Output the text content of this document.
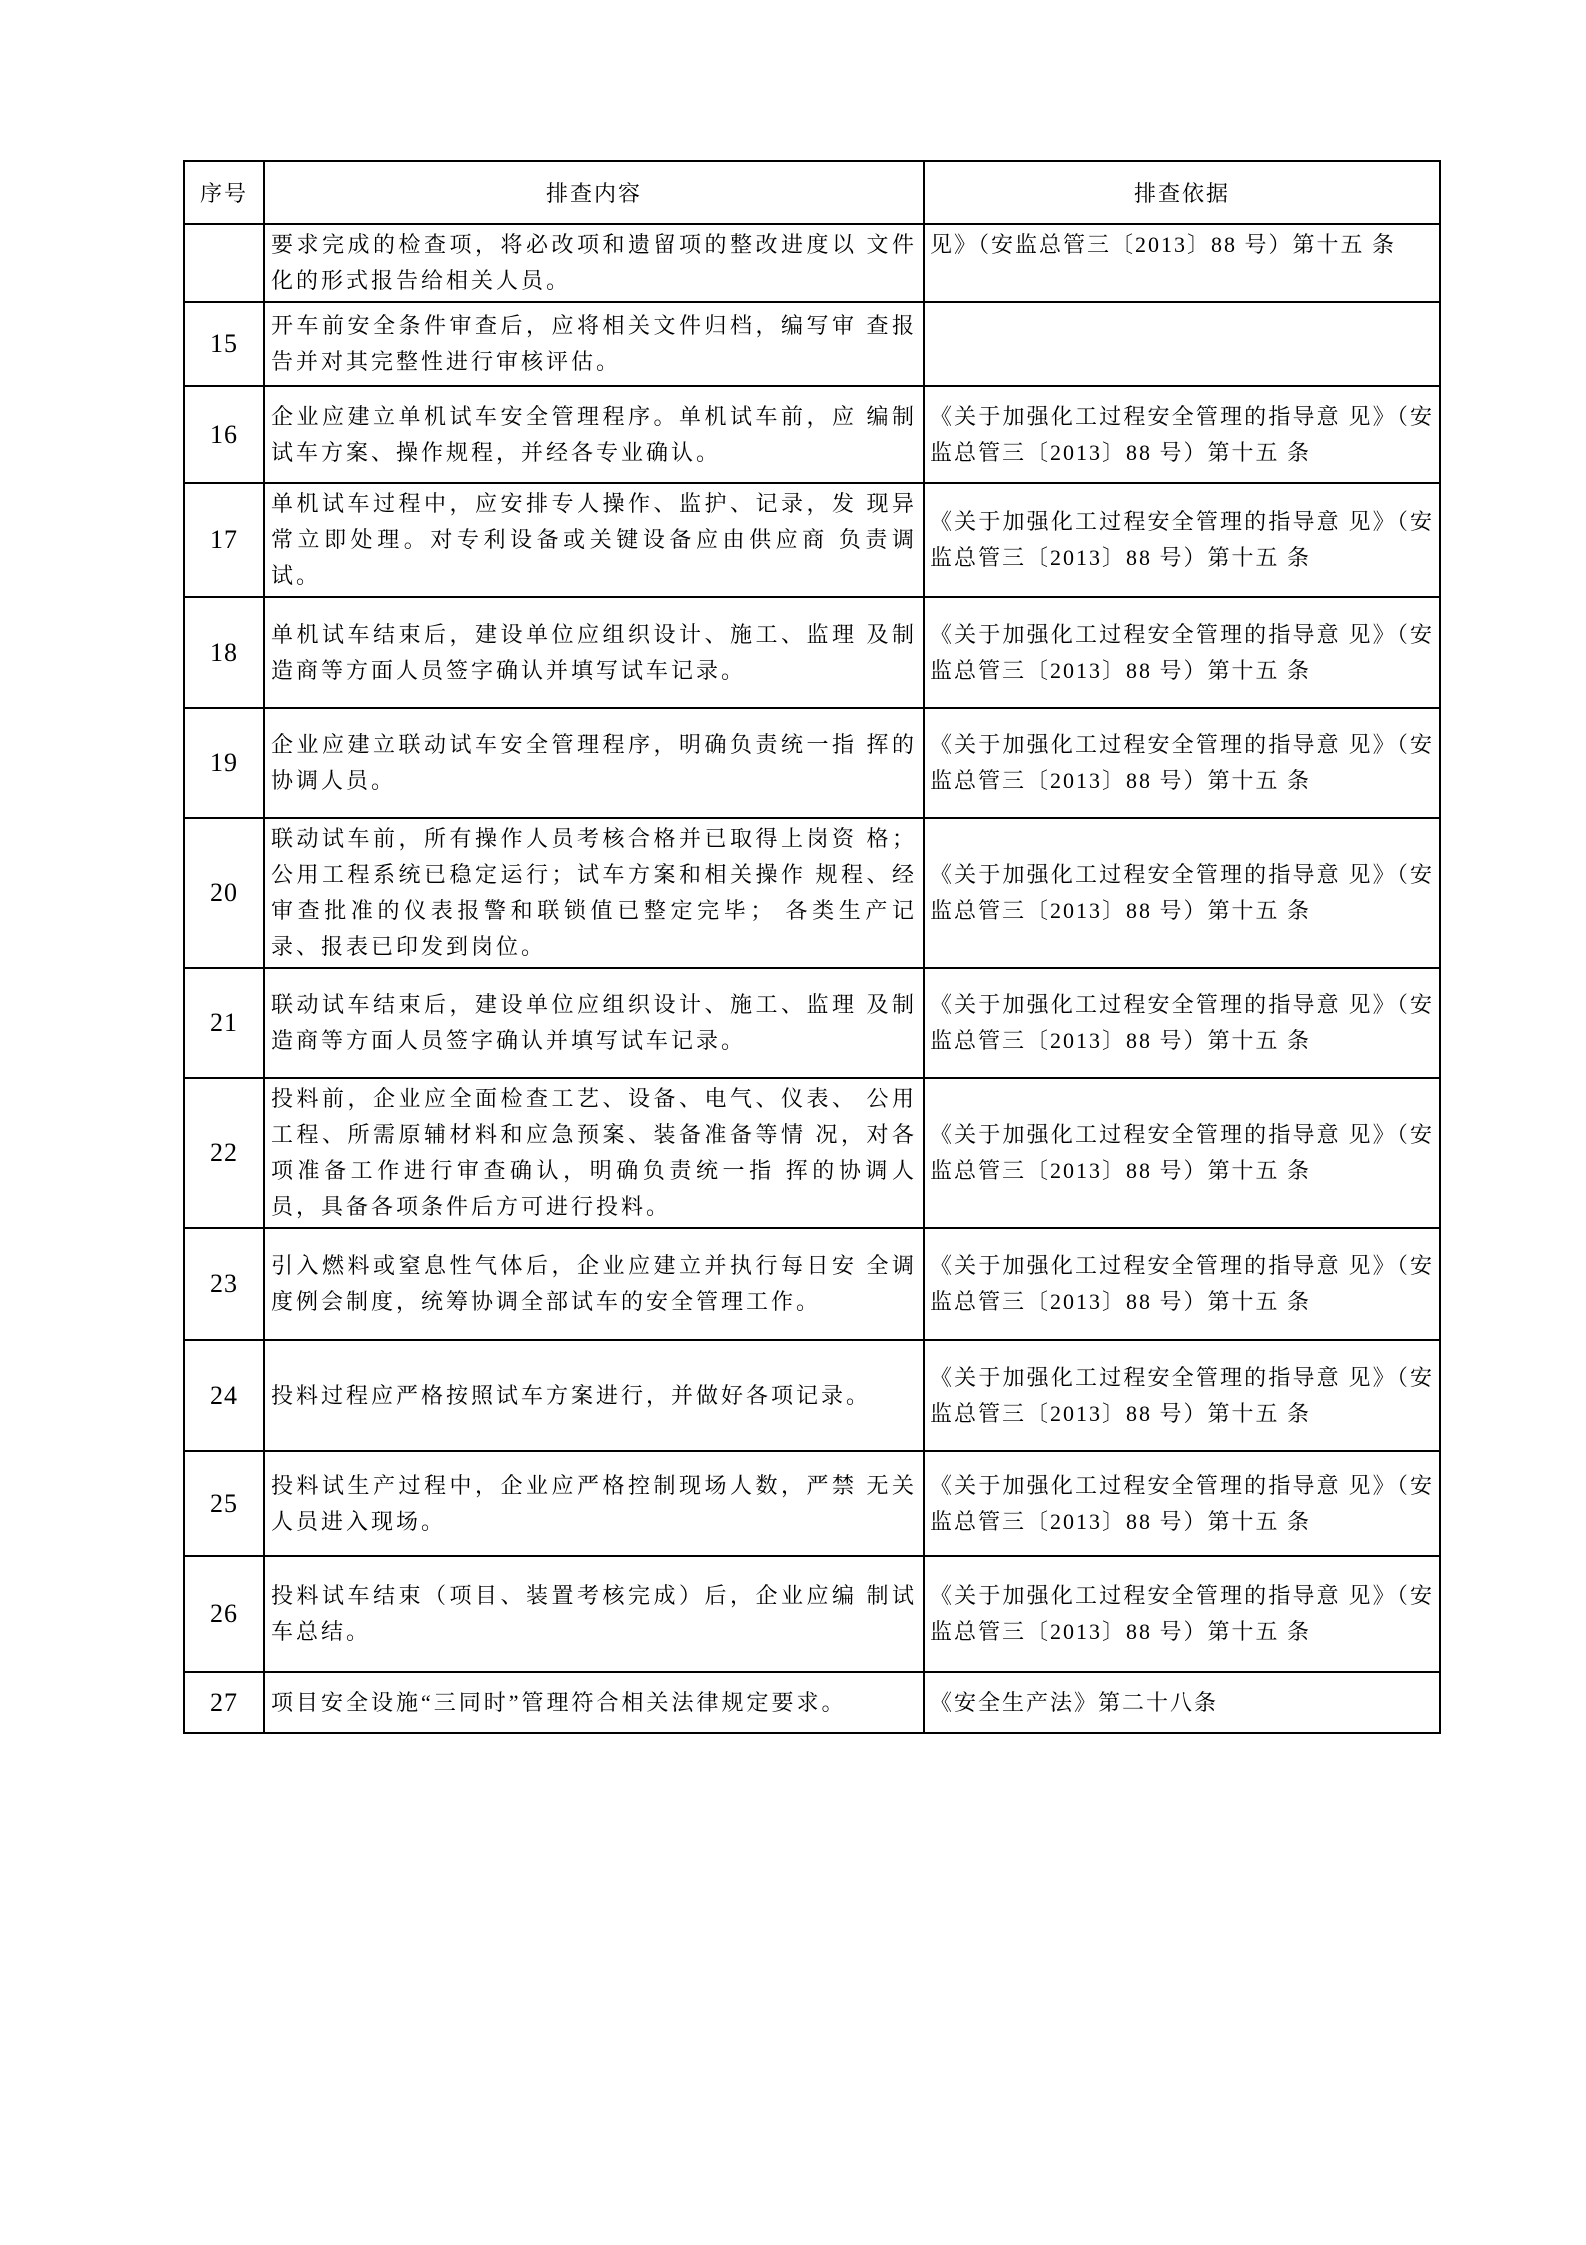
序号	排查内容	排查依据
	要求完成的检查项，将必改项和遗留项的整改进度以 文件化的形式报告给相关人员。	见》（安监总管三〔2013〕88 号）第十五 条
15	开车前安全条件审查后，应将相关文件归档，编写审 查报告并对其完整性进行审核评估。	
16	企业应建立单机试车安全管理程序。单机试车前，应 编制试车方案、操作规程，并经各专业确认。	《关于加强化工过程安全管理的指导意 见》（安监总管三〔2013〕88 号）第十五 条
17	单机试车过程中，应安排专人操作、监护、记录，发 现异常立即处理。对专利设备或关键设备应由供应商 负责调试。	《关于加强化工过程安全管理的指导意 见》（安监总管三〔2013〕88 号）第十五 条
18	单机试车结束后，建设单位应组织设计、施工、监理 及制造商等方面人员签字确认并填写试车记录。	《关于加强化工过程安全管理的指导意 见》（安监总管三〔2013〕88 号）第十五 条
19	企业应建立联动试车安全管理程序，明确负责统一指 挥的协调人员。	《关于加强化工过程安全管理的指导意 见》（安监总管三〔2013〕88 号）第十五 条
20	联动试车前，所有操作人员考核合格并已取得上岗资 格；公用工程系统已稳定运行；试车方案和相关操作 规程、经审查批准的仪表报警和联锁值已整定完毕； 各类生产记录、报表已印发到岗位。	《关于加强化工过程安全管理的指导意 见》（安监总管三〔2013〕88 号）第十五 条
21	联动试车结束后，建设单位应组织设计、施工、监理 及制造商等方面人员签字确认并填写试车记录。	《关于加强化工过程安全管理的指导意 见》（安监总管三〔2013〕88 号）第十五 条
22	投料前，企业应全面检查工艺、设备、电气、仪表、 公用工程、所需原辅材料和应急预案、装备准备等情 况，对各项准备工作进行审查确认，明确负责统一指 挥的协调人员，具备各项条件后方可进行投料。	《关于加强化工过程安全管理的指导意 见》（安监总管三〔2013〕88 号）第十五 条
23	引入燃料或窒息性气体后，企业应建立并执行每日安 全调度例会制度，统筹协调全部试车的安全管理工作。	《关于加强化工过程安全管理的指导意 见》（安监总管三〔2013〕88 号）第十五 条
24	投料过程应严格按照试车方案进行，并做好各项记录。	《关于加强化工过程安全管理的指导意 见》（安监总管三〔2013〕88 号）第十五 条
25	投料试生产过程中，企业应严格控制现场人数，严禁 无关人员进入现场。	《关于加强化工过程安全管理的指导意 见》（安监总管三〔2013〕88 号）第十五 条
26	投料试车结束（项目、装置考核完成）后，企业应编 制试车总结。	《关于加强化工过程安全管理的指导意 见》（安监总管三〔2013〕88 号）第十五 条
27	项目安全设施“三同时”管理符合相关法律规定要求。	《安全生产法》第二十八条
